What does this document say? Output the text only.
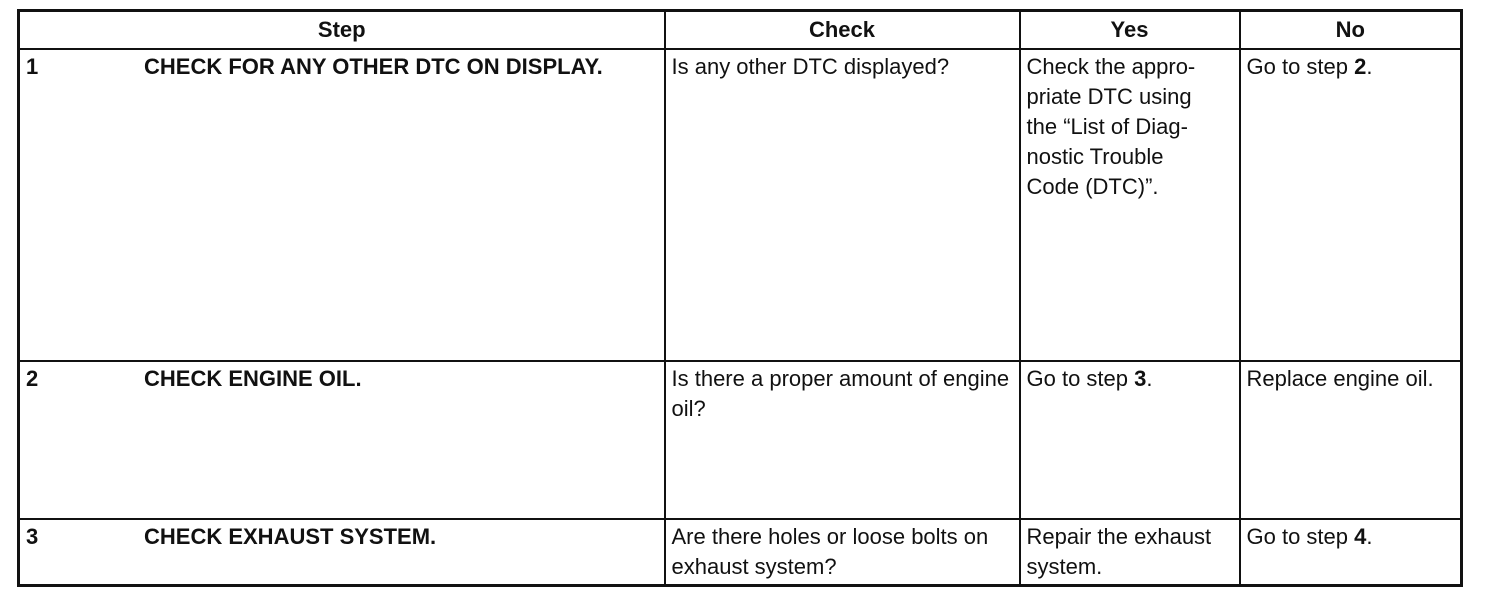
Step	Check	Yes	No
1 CHECK FOR ANY OTHER DTC ON DISPLAY.	Is any other DTC displayed?	Check the appro-
priate DTC using
the “List of Diag-
nostic Trouble
Code (DTC)”.	Go to step 2.
2 CHECK ENGINE OIL.	Is there a proper amount of engine oil?	Go to step 3.	Replace engine oil.
3 CHECK EXHAUST SYSTEM.	Are there holes or loose bolts on exhaust system?	Repair the exhaust system.	Go to step 4.
